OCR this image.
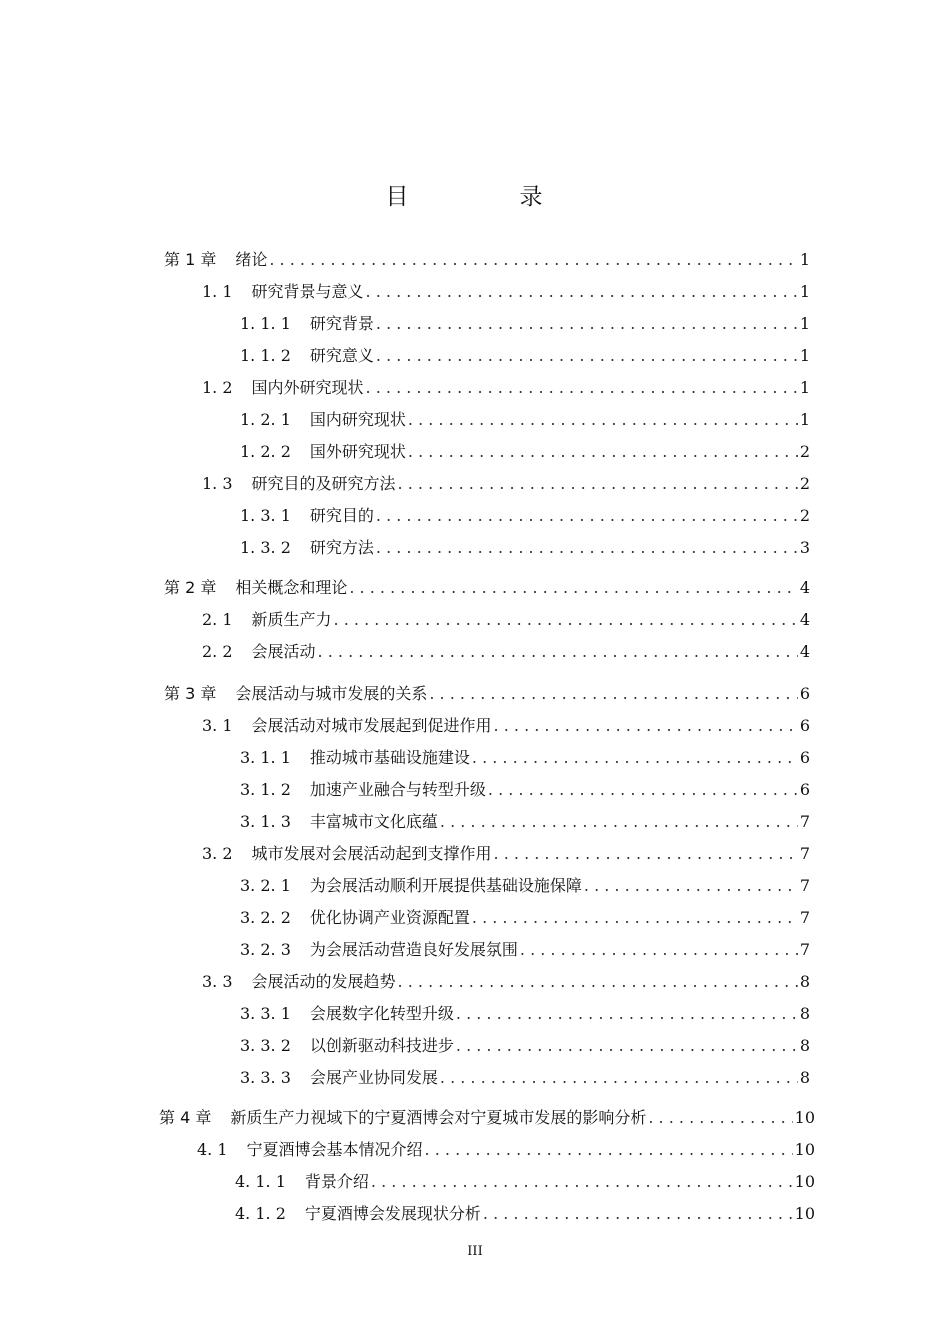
目　录
第 1 章 绪论 . . .	1
1. 1 研究背景与意义 . . .	1
1. 1. 1 研究背景 . . .	1
1. 1. 2 研究意义 . . .	1
1. 2 国内外研究现状 . . .	1
1. 2. 1 国内研究现状 . . .	1
1. 2. 2 国外研究现状 . . .	2
1. 3 研究目的及研究方法 . . .	2
1. 3. 1 研究目的 . . .	2
1. 3. 2 研究方法 . . .	3
第 2 章 相关概念和理论 . . .	4
2. 1 新质生产力 . . .	4
2. 2 会展活动 . . .	4
第 3 章 会展活动与城市发展的关系 . . .	6
3. 1 会展活动对城市发展起到促进作用 . . .	6
3. 1. 1 推动城市基础设施建设 . . .	6
3. 1. 2 加速产业融合与转型升级 . . .	6
3. 1. 3 丰富城市文化底蕴 . . .	7
3. 2 城市发展对会展活动起到支撑作用 . . .	7
3. 2. 1 为会展活动顺利开展提供基础设施保障 . . .	7
3. 2. 2 优化协调产业资源配置 . . .	7
3. 2. 3 为会展活动营造良好发展氛围 . . .	7
3. 3 会展活动的发展趋势 . . .	8
3. 3. 1 会展数字化转型升级 . . .	8
3. 3. 2 以创新驱动科技进步 . . .	8
3. 3. 3 会展产业协同发展 . . .	8
第 4 章 新质生产力视域下的宁夏酒博会对宁夏城市发展的影响分析 . . .	10
4. 1 宁夏酒博会基本情况介绍 . . .	10
4. 1. 1 背景介绍 . . .	10
4. 1. 2 宁夏酒博会发展现状分析 . . .	10
III
